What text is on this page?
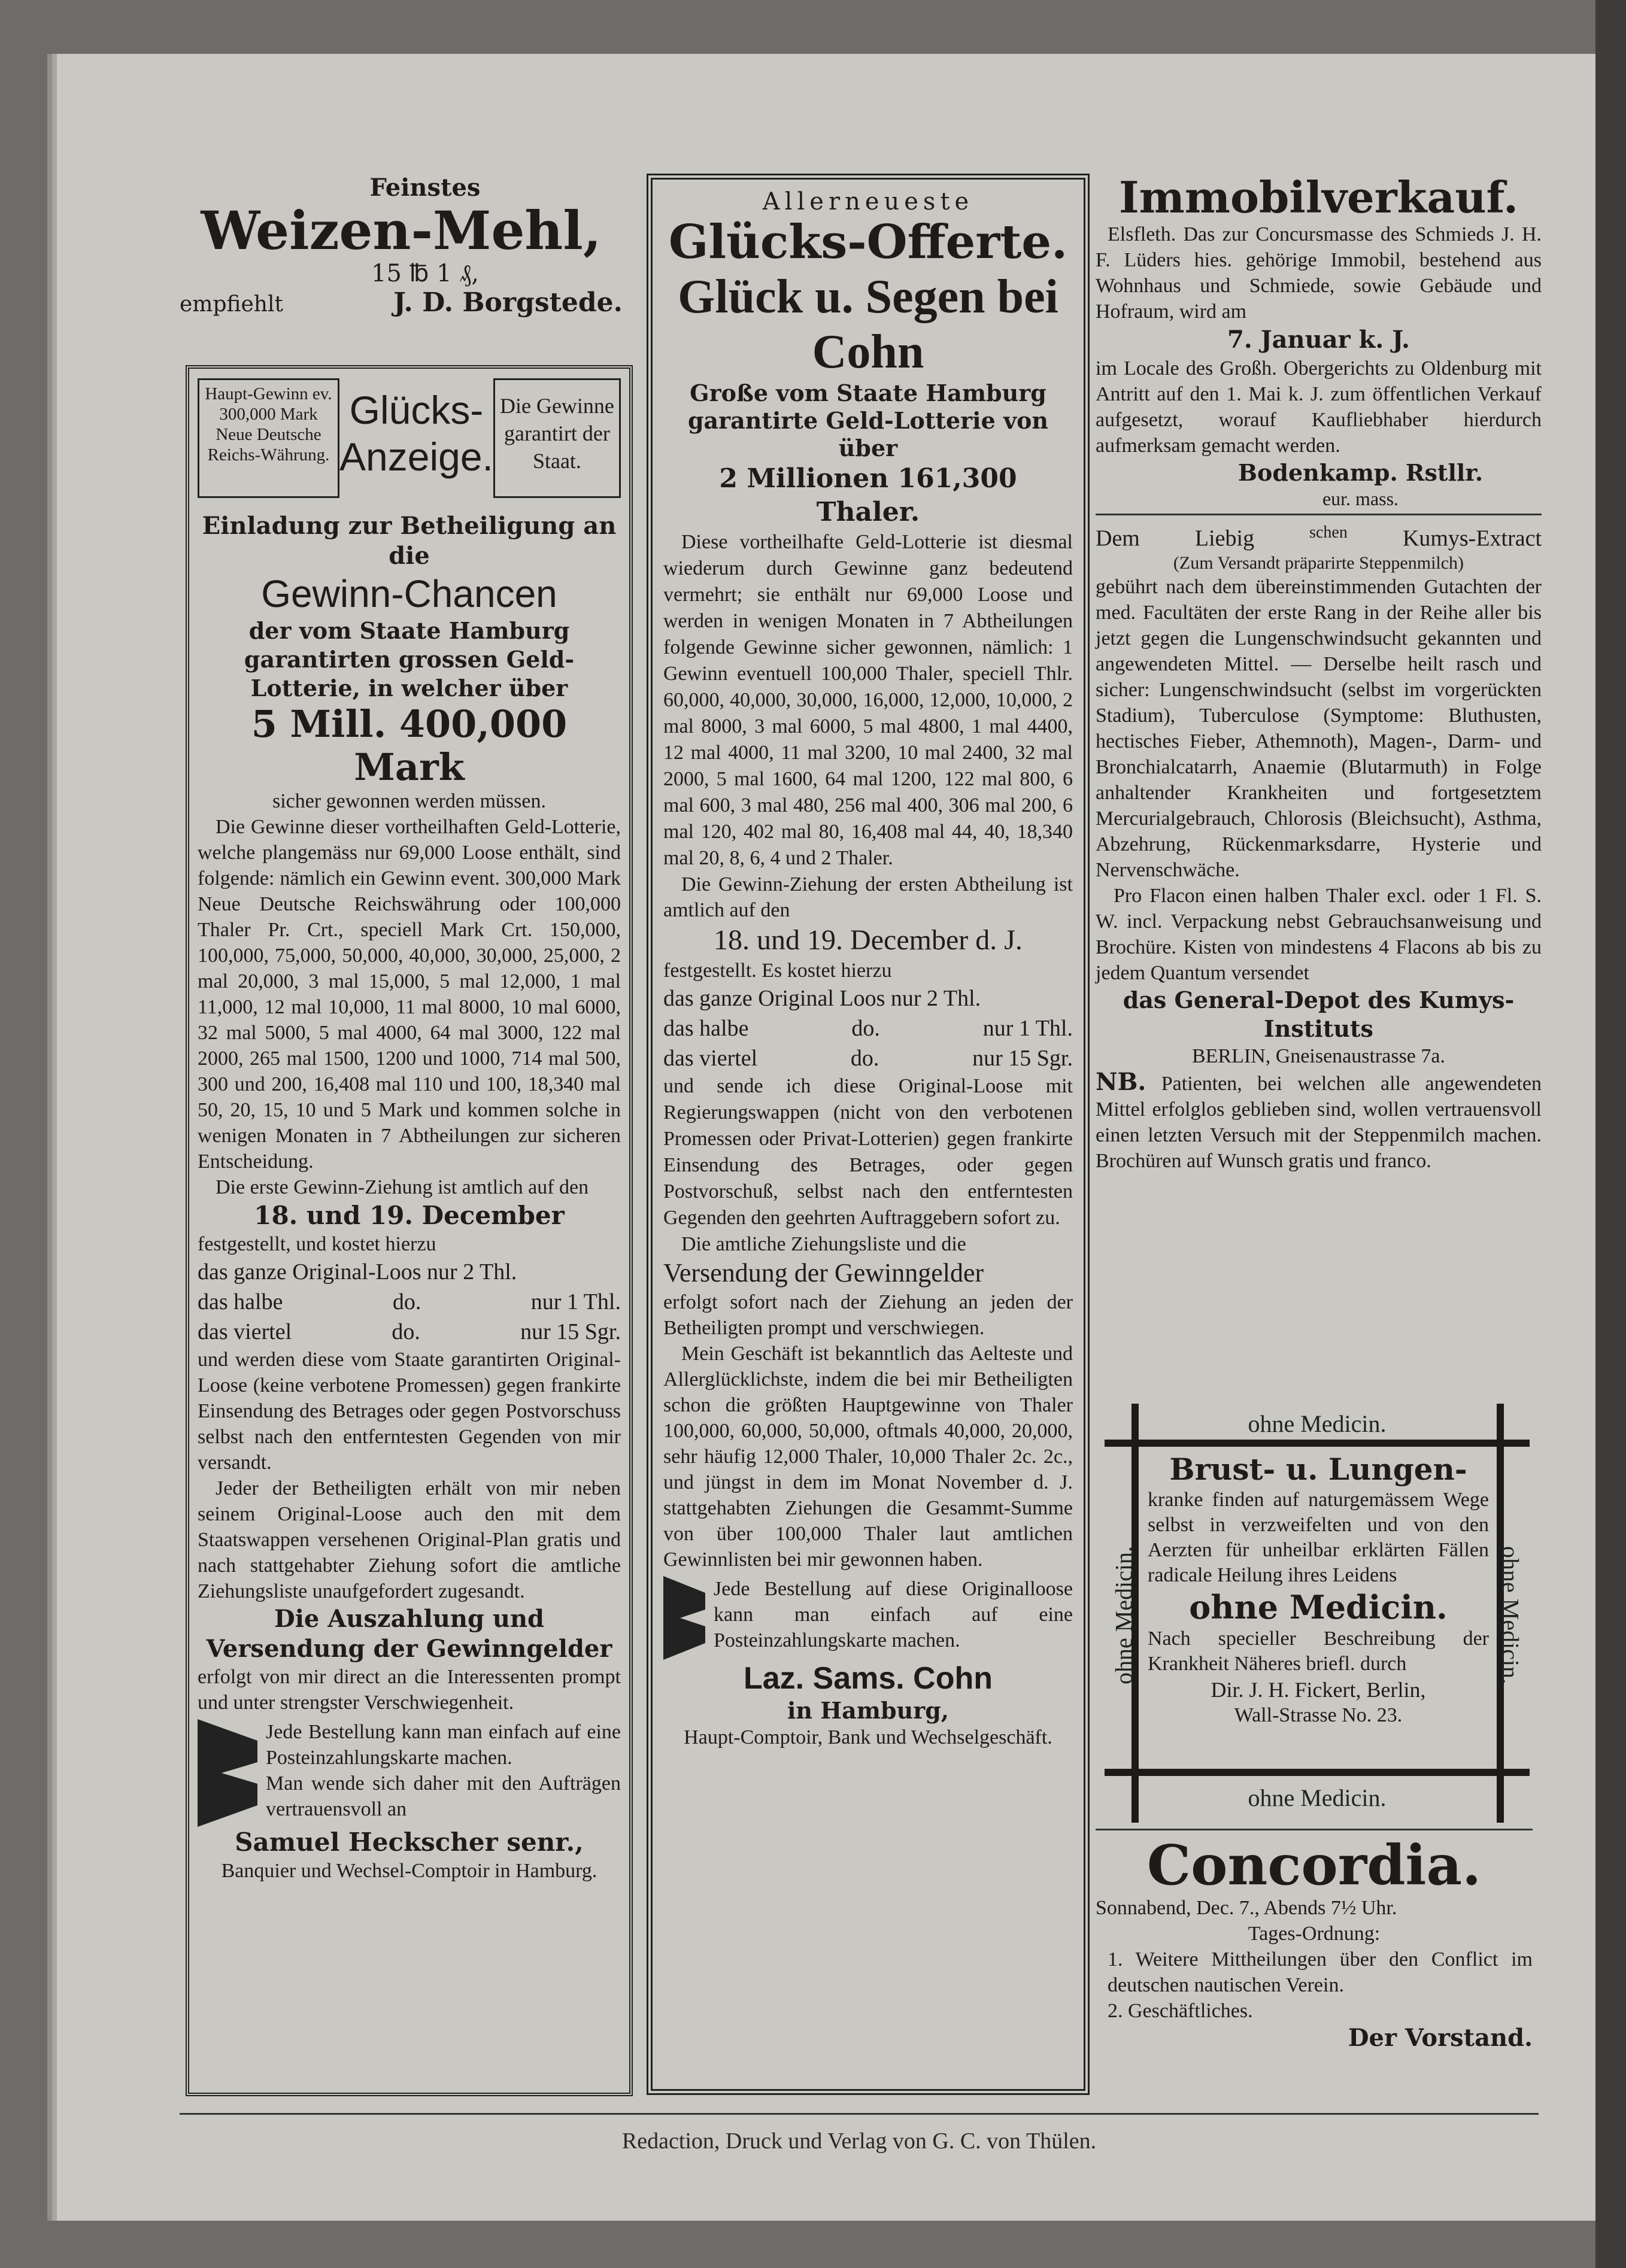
Feinstes

Weizen-Mehl,

15 ℔ 1 ₰,

empfiehlt	J. D. Borgstede.
Haupt-Gewinn ev. 300,000 Mark Neue Deutsche Reichs-Währung.
Glücks-Anzeige.
Die Gewinne garantirt der Staat.

Einladung zur Betheiligung an die

Gewinn-Chancen

der vom Staate Hamburg garantirten grossen Geld-Lotterie, in welcher über

5 Mill. 400,000 Mark

sicher gewonnen werden müssen.

Die Gewinne dieser vortheilhaften Geld-Lotterie, welche plangemäss nur 69,000 Loose enthält, sind folgende: nämlich ein Gewinn event. 300,000 Mark Neue Deutsche Reichswährung oder 100,000 Thaler Pr. Crt., speciell Mark Crt. 150,000, 100,000, 75,000, 50,000, 40,000, 30,000, 25,000, 2 mal 20,000, 3 mal 15,000, 5 mal 12,000, 1 mal 11,000, 12 mal 10,000, 11 mal 8000, 10 mal 6000, 32 mal 5000, 5 mal 4000, 64 mal 3000, 122 mal 2000, 265 mal 1500, 1200 und 1000, 714 mal 500, 300 und 200, 16,408 mal 110 und 100, 18,340 mal 50, 20, 15, 10 und 5 Mark und kommen solche in wenigen Monaten in 7 Abtheilungen zur sicheren Entscheidung.

Die erste Gewinn-Ziehung ist amtlich auf den

18. und 19. December

festgestellt, und kostet hierzu

das ganze Original-Loos nur 2 Thl.

das halbe	do.	nur 1 Thl.
das viertel	do.	nur 15 Sgr.

und werden diese vom Staate garantirten Original-Loose (keine verbotene Promessen) gegen frankirte Einsendung des Betrages oder gegen Postvorschuss selbst nach den entferntesten Gegenden von mir versandt.

Jeder der Betheiligten erhält von mir neben seinem Original-Loose auch den mit dem Staatswappen versehenen Original-Plan gratis und nach stattgehabter Ziehung sofort die amtliche Ziehungsliste unaufgefordert zugesandt.

Die Auszahlung und Versendung der Gewinngelder

erfolgt von mir direct an die Interessenten prompt und unter strengster Verschwiegenheit.

Jede Bestellung kann man einfach auf eine Posteinzahlungskarte machen.

Man wende sich daher mit den Aufträgen vertrauensvoll an

Samuel Heckscher senr.,

Banquier und Wechsel-Comptoir in Hamburg.

Allerneueste

Glücks-Offerte.

Glück u. Segen bei Cohn

Große vom Staate Hamburg garantirte Geld-Lotterie von über

2 Millionen 161,300 Thaler.

Diese vortheilhafte Geld-Lotterie ist diesmal wiederum durch Gewinne ganz bedeutend vermehrt; sie enthält nur 69,000 Loose und werden in wenigen Monaten in 7 Abtheilungen folgende Gewinne sicher gewonnen, nämlich: 1 Gewinn eventuell 100,000 Thaler, speciell Thlr. 60,000, 40,000, 30,000, 16,000, 12,000, 10,000, 2 mal 8000, 3 mal 6000, 5 mal 4800, 1 mal 4400, 12 mal 4000, 11 mal 3200, 10 mal 2400, 32 mal 2000, 5 mal 1600, 64 mal 1200, 122 mal 800, 6 mal 600, 3 mal 480, 256 mal 400, 306 mal 200, 6 mal 120, 402 mal 80, 16,408 mal 44, 40, 18,340 mal 20, 8, 6, 4 und 2 Thaler.

Die Gewinn-Ziehung der ersten Abtheilung ist amtlich auf den

18. und 19. December d. J.

festgestellt. Es kostet hierzu

das ganze Original Loos nur 2 Thl.

das halbe	do.	nur 1 Thl.
das viertel	do.	nur 15 Sgr.

und sende ich diese Original-Loose mit Regierungswappen (nicht von den verbotenen Promessen oder Privat-Lotterien) gegen frankirte Einsendung des Betrages, oder gegen Postvorschuß, selbst nach den entferntesten Gegenden den geehrten Auftraggebern sofort zu.

Die amtliche Ziehungsliste und die

Versendung der Gewinngelder

erfolgt sofort nach der Ziehung an jeden der Betheiligten prompt und verschwiegen.

Mein Geschäft ist bekanntlich das Aelteste und Allerglücklichste, indem die bei mir Betheiligten schon die größten Hauptgewinne von Thaler 100,000, 60,000, 50,000, oftmals 40,000, 20,000, sehr häufig 12,000 Thaler, 10,000 Thaler 2c. 2c., und jüngst in dem im Monat November d. J. stattgehabten Ziehungen die Gesammt-Summe von über 100,000 Thaler laut amtlichen Gewinnlisten bei mir gewonnen haben.

Jede Bestellung auf diese Originalloose kann man einfach auf eine Posteinzahlungskarte machen.

Laz. Sams. Cohn

in Hamburg,

Haupt-Comptoir, Bank und Wechselgeschäft.

Immobilverkauf.

Elsfleth. Das zur Concursmasse des Schmieds J. H. F. Lüders hies. gehörige Immobil, bestehend aus Wohnhaus und Schmiede, sowie Gebäude und Hofraum, wird am

7. Januar k. J.

im Locale des Großh. Obergerichts zu Oldenburg mit Antritt auf den 1. Mai k. J. zum öffentlichen Verkauf aufgesetzt, worauf Kaufliebhaber hierdurch aufmerksam gemacht werden.

Bodenkamp. Rstllr.

eur. mass.

Dem Liebig	$^{schen}$ Kumys-Extract

(Zum Versandt präparirte Steppenmilch)

gebührt nach dem übereinstimmenden Gutachten der med. Facultäten der erste Rang in der Reihe aller bis jetzt gegen die Lungenschwindsucht gekannten und angewendeten Mittel. — Derselbe heilt rasch und sicher: Lungenschwindsucht (selbst im vorgerückten Stadium), Tuberculose (Symptome: Bluthusten, hectisches Fieber, Athemnoth), Magen-, Darm- und Bronchialcatarrh, Anaemie (Blutarmuth) in Folge anhaltender Krankheiten und fortgesetztem Mercurialgebrauch, Chlorosis (Bleichsucht), Asthma, Abzehrung, Rückenmarksdarre, Hysterie und Nervenschwäche.

Pro Flacon einen halben Thaler excl. oder 1 Fl. S. W. incl. Verpackung nebst Gebrauchsanweisung und Brochüre. Kisten von mindestens 4 Flacons ab bis zu jedem Quantum versendet

das General-Depot des Kumys-Instituts

BERLIN, Gneisenaustrasse 7a.

NB. Patienten, bei welchen alle angewendeten Mittel erfolglos geblieben sind, wollen vertrauensvoll einen letzten Versuch mit der Steppenmilch machen. Brochüren auf Wunsch gratis und franco.

ohne Medicin.
ohne Medicin.
ohne Medicin.	ohne Medicin.

Brust- u. Lungen-

kranke finden auf naturgemässem Wege selbst in verzweifelten und von den Aerzten für unheilbar erklärten Fällen radicale Heilung ihres Leidens

ohne Medicin.

Nach specieller Beschreibung der Krankheit Näheres briefl. durch

Dir. J. H. Fickert, Berlin,

Wall-Strasse No. 23.

Concordia.

Sonnabend, Dec. 7., Abends 7½ Uhr.

Tages-Ordnung:

1. Weitere Mittheilungen über den Conflict im deutschen nautischen Verein.

2. Geschäftliches.

Der Vorstand.

Redaction, Druck und Verlag von G. C. von Thülen.
